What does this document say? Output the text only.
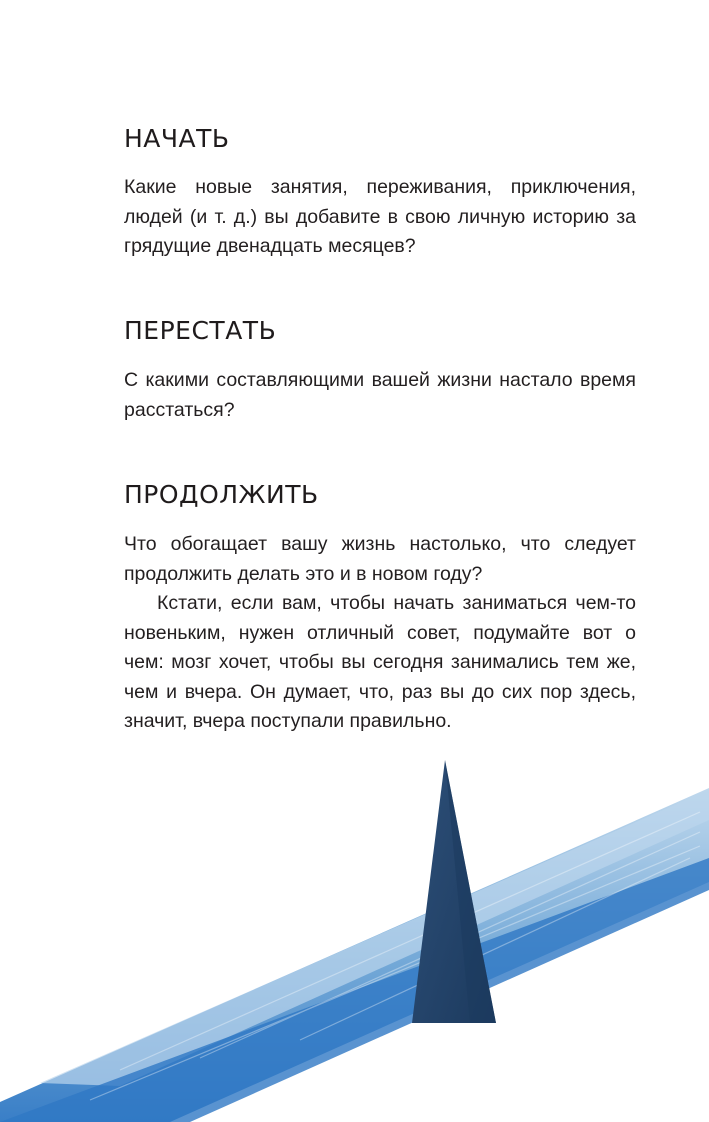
НАЧАТЬ

Какие новые занятия, переживания, приключения, людей (и т. д.) вы добавите в свою личную историю за грядущие двенадцать месяцев?

ПЕРЕСТАТЬ

С какими составляющими вашей жизни настало время расстаться?

ПРОДОЛЖИТЬ

Что обогащает вашу жизнь настолько, что следует продолжить делать это и в новом году?

Кстати, если вам, чтобы начать заниматься чем-то новеньким, нужен отличный совет, подумайте вот о чем: мозг хочет, чтобы вы сегодня занимались тем же, чем и вчера. Он думает, что, раз вы до сих пор здесь, значит, вчера поступали правильно.
